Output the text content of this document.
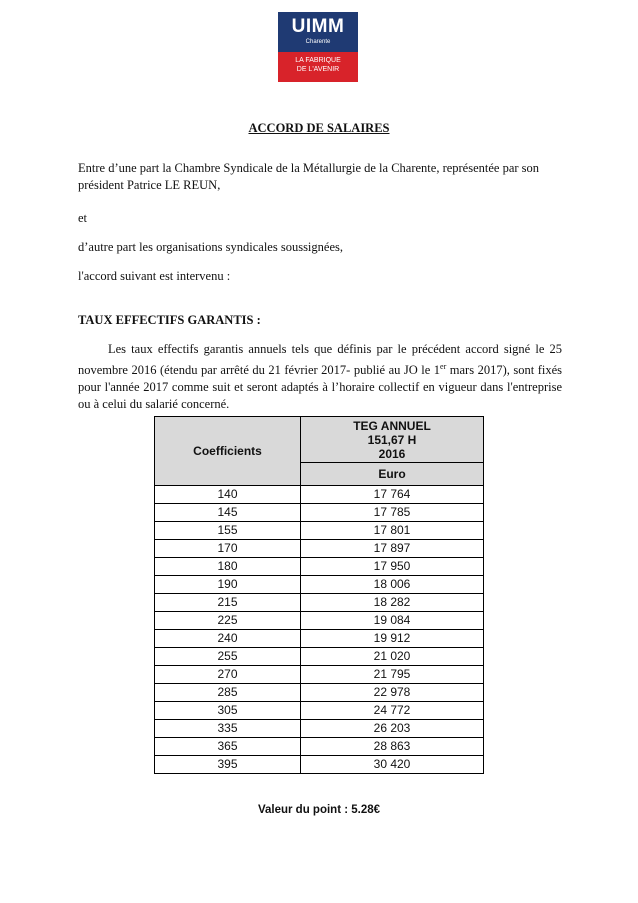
UIMM
Charente
LA FABRIQUE
DE L'AVENIR
ACCORD DE SALAIRES
Entre d’une part la Chambre Syndicale de la Métallurgie de la Charente, représentée par son président Patrice LE REUN,
et
d’autre part les organisations syndicales soussignées,
l'accord suivant est intervenu :
TAUX EFFECTIFS GARANTIS :
Les taux effectifs garantis annuels tels que définis par le précédent accord signé le 25 novembre 2016 (étendu par arrêté du 21 février 2017- publié au JO le 1er mars 2017), sont fixés pour l'année 2017 comme suit et seront adaptés à l’horaire collectif en vigueur dans l'entreprise ou à celui du salarié concerné.
Coefficients	TEG ANNUEL
151,67 H
2016
	Euro
140	17 764
145	17 785
155	17 801
170	17 897
180	17 950
190	18 006
215	18 282
225	19 084
240	19 912
255	21 020
270	21 795
285	22 978
305	24 772
335	26 203
365	28 863
395	30 420
Valeur du point : 5.28€
